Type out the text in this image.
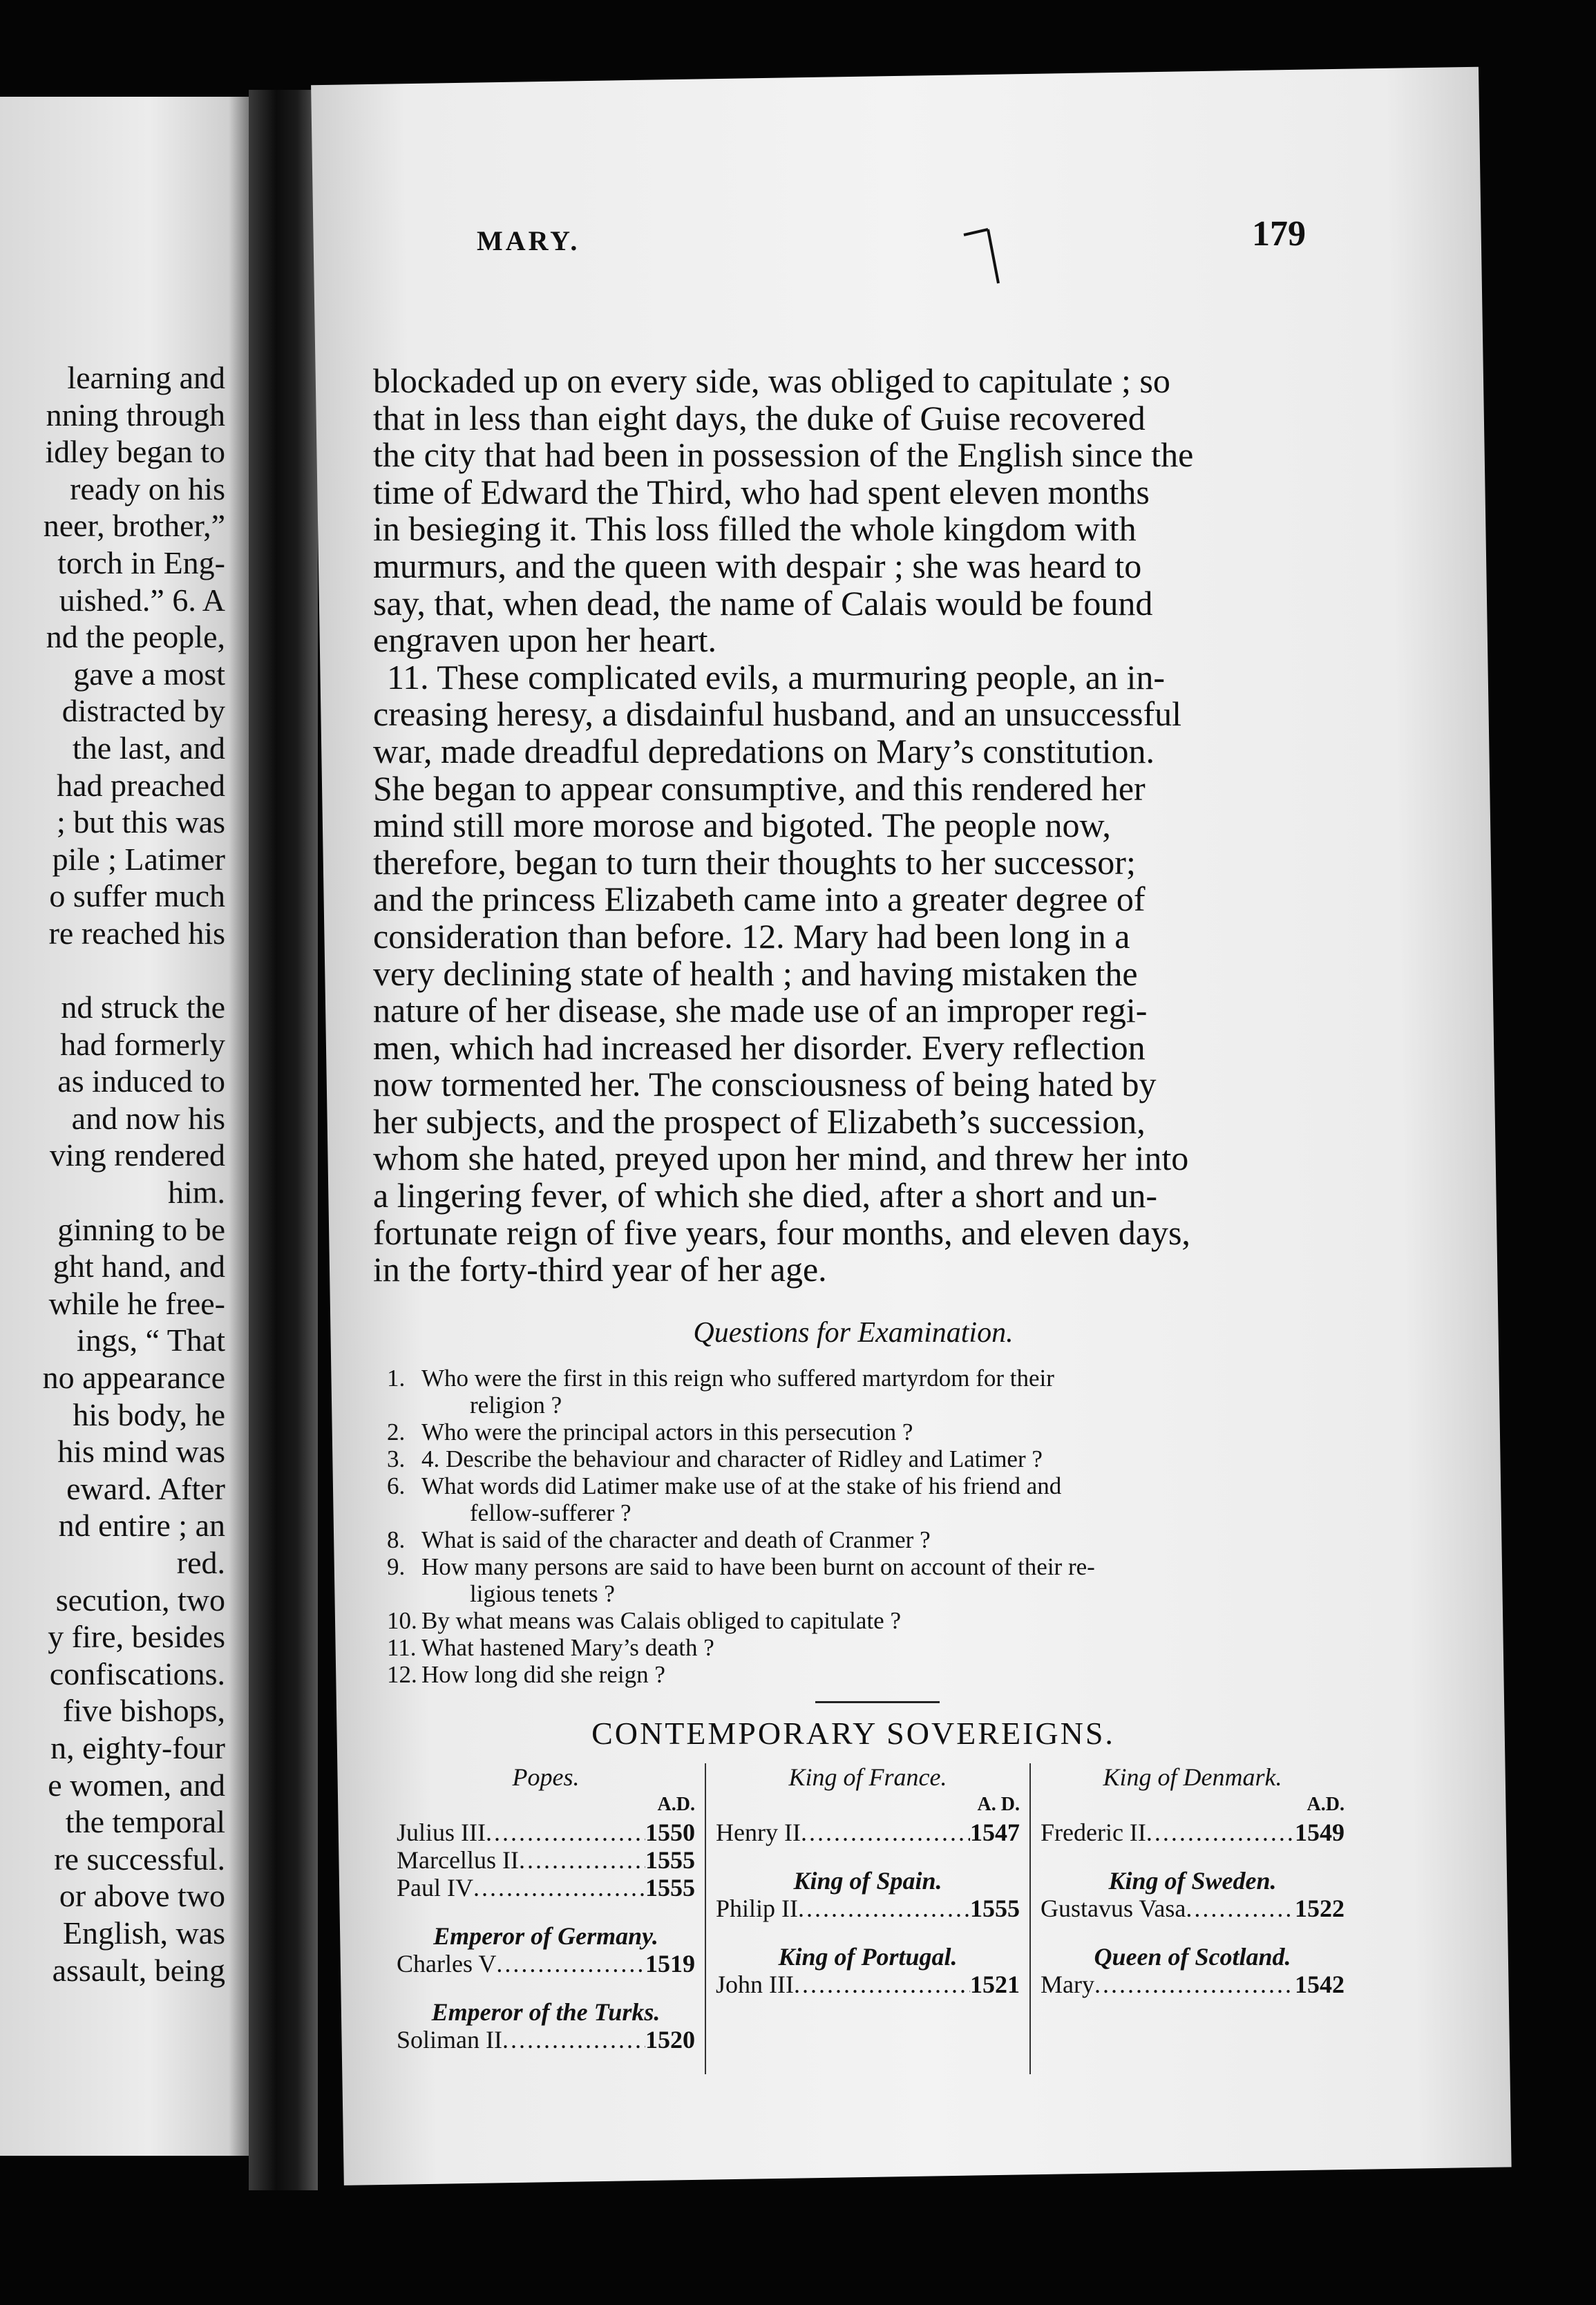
learning and
nning through
idley began to
ready on his
neer, brother,”
torch in Eng-
uished.” 6. A
nd the people,
gave a most
distracted by
the last, and
had preached
; but this was
pile ; Latimer
o suffer much
re reached his
nd struck the
had formerly
as induced to
and now his
ving rendered
him.
ginning to be
ght hand, and
while he free-
ings, “ That
no appearance
his body, he
his mind was
eward. After
nd entire ; an
red.
secution, two
y fire, besides
confiscations.
five bishops,
n, eighty-four
e women, and
the temporal
re successful.
or above two
English, was
assault, being
MARY.	179
blockaded up on every side, was obliged to capitulate ; so
that in less than eight days, the duke of Guise recovered
the city that had been in possession of the English since the
time of Edward the Third, who had spent eleven months
in besieging it. This loss filled the whole kingdom with
murmurs, and the queen with despair ; she was heard to
say, that, when dead, the name of Calais would be found
engraven upon her heart.
11. These complicated evils, a murmuring people, an in-
creasing heresy, a disdainful husband, and an unsuccessful
war, made dreadful depredations on Mary’s constitution.
She began to appear consumptive, and this rendered her
mind still more morose and bigoted. The people now,
therefore, began to turn their thoughts to her successor;
and the princess Elizabeth came into a greater degree of
consideration than before. 12. Mary had been long in a
very declining state of health ; and having mistaken the
nature of her disease, she made use of an improper regi-
men, which had increased her disorder. Every reflection
now tormented her. The consciousness of being hated by
her subjects, and the prospect of Elizabeth’s succession,
whom she hated, preyed upon her mind, and threw her into
a lingering fever, of which she died, after a short and un-
fortunate reign of five years, four months, and eleven days,
in the forty-third year of her age.
Questions for Examination.
1. Who were the first in this reign who suffered martyrdom for their
religion ?
2. Who were the principal actors in this persecution ?
3. 4. Describe the behaviour and character of Ridley and Latimer ?
6. What words did Latimer make use of at the stake of his friend and
fellow-sufferer ?
8. What is said of the character and death of Cranmer ?
9. How many persons are said to have been burnt on account of their re-
ligious tenets ?
10. By what means was Calais obliged to capitulate ?
11. What hastened Mary’s death ?
12. How long did she reign ?
CONTEMPORARY SOVEREIGNS.
Popes.
A.D.
Julius III .....	1550
Marcellus II .....	1555
Paul IV .....	1555
Emperor of Germany.
Charles V .....	1519
Emperor of the Turks.
Soliman II .....	1520
King of France.
A. D.
Henry II .....	1547
King of Spain.
Philip II .....	1555
King of Portugal.
John III .....	1521
King of Denmark.
A.D.
Frederic II .....	1549
King of Sweden.
Gustavus Vasa .....	1522
Queen of Scotland.
Mary .....	1542
